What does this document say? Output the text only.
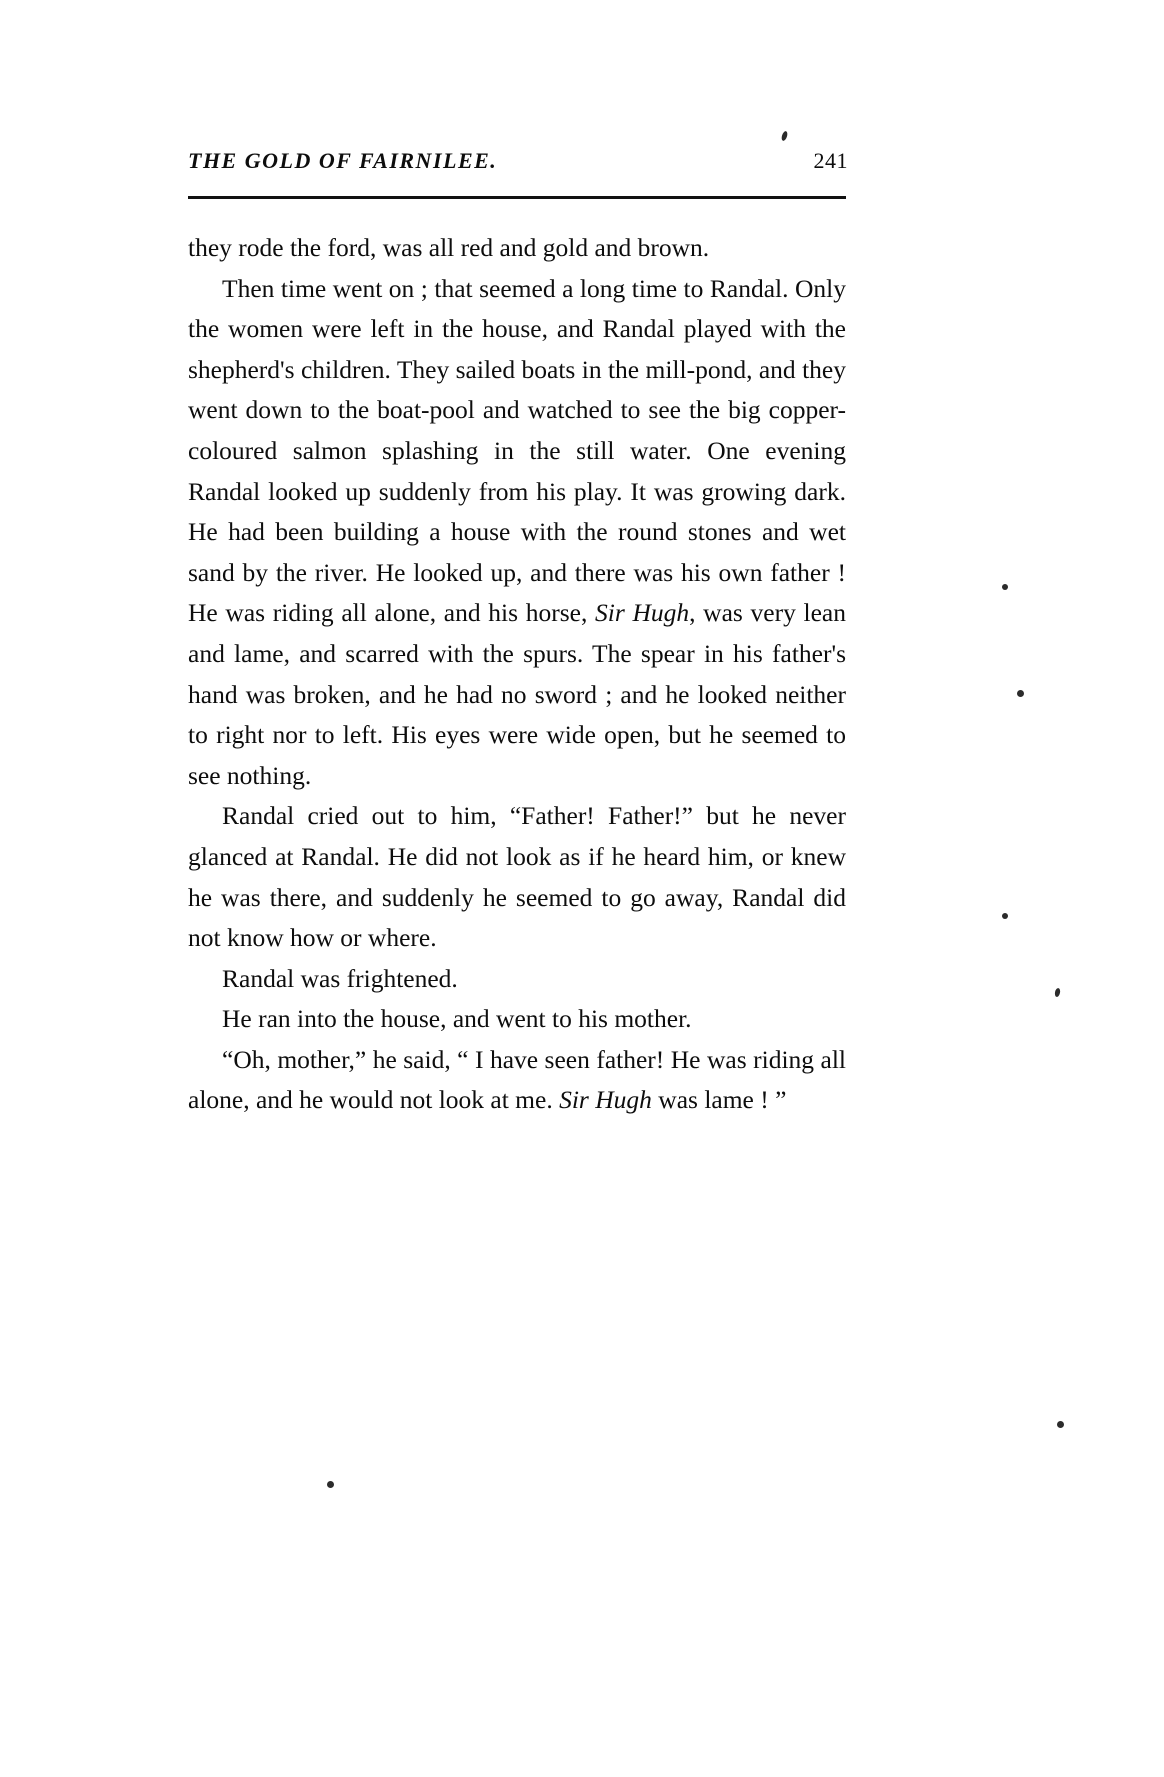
THE GOLD OF FAIRNILEE.	241

they rode the ford, was all red and gold and brown.

Then time went on ; that seemed a long time to Randal. Only the women were left in the house, and Randal played with the shepherd's children. They sailed boats in the mill-pond, and they went down to the boat-pool and watched to see the big copper-coloured salmon splashing in the still water. One evening Randal looked up suddenly from his play. It was growing dark. He had been building a house with the round stones and wet sand by the river. He looked up, and there was his own father ! He was riding all alone, and his horse, Sir Hugh, was very lean and lame, and scarred with the spurs. The spear in his father's hand was broken, and he had no sword ; and he looked neither to right nor to left. His eyes were wide open, but he seemed to see nothing.

Randal cried out to him, “Father! Father!” but he never glanced at Randal. He did not look as if he heard him, or knew he was there, and suddenly he seemed to go away, Randal did not know how or where.

Randal was frightened.

He ran into the house, and went to his mother.

“Oh, mother,” he said, “ I have seen father! He was riding all alone, and he would not look at me. Sir Hugh was lame ! ”
